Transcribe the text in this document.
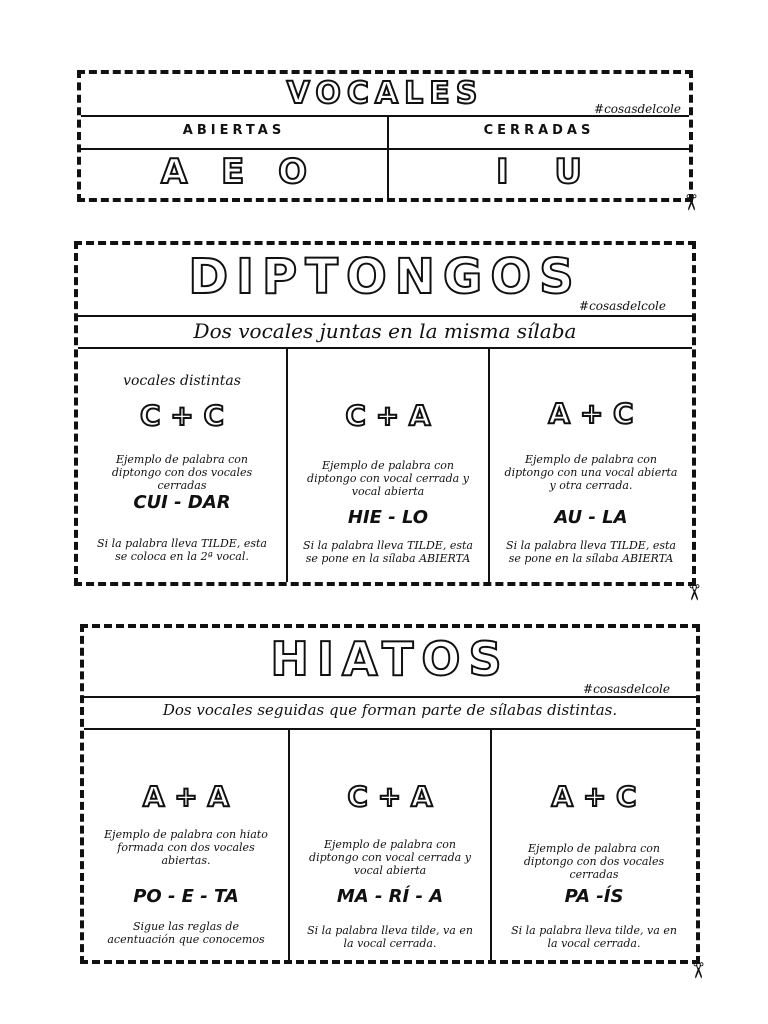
VOCALES	#cosasdelcole
ABIERTAS	CERRADAS
A E O	I U
✂
DIPTONGOS
#cosasdelcole
Dos vocales juntas en la misma sílaba
vocales distintas
C + C
Ejemplo de palabra con diptongo con dos vocales cerradas
CUI - DAR
Si la palabra lleva TILDE, esta se coloca en la 2ª vocal.
C + A
Ejemplo de palabra con diptongo con vocal cerrada y vocal abierta
HIE - LO
Si la palabra lleva TILDE, esta se pone en la sílaba ABIERTA
A + C
Ejemplo de palabra con diptongo con una vocal abierta y otra cerrada.
AU - LA
Si la palabra lleva TILDE, esta se pone en la sílaba ABIERTA
✂
HIATOS
#cosasdelcole
Dos vocales seguidas que forman parte de sílabas distintas.
A + A
Ejemplo de palabra con hiato formada con dos vocales abiertas.
PO - E - TA
Sigue las reglas de acentuación que conocemos
C + A
Ejemplo de palabra con diptongo con vocal cerrada y vocal abierta
MA - RÍ - A
Si la palabra lleva tilde, va en la vocal cerrada.
A + C
Ejemplo de palabra con diptongo con dos vocales cerradas
PA -ÍS
Si la palabra lleva tilde, va en la vocal cerrada.
✂
